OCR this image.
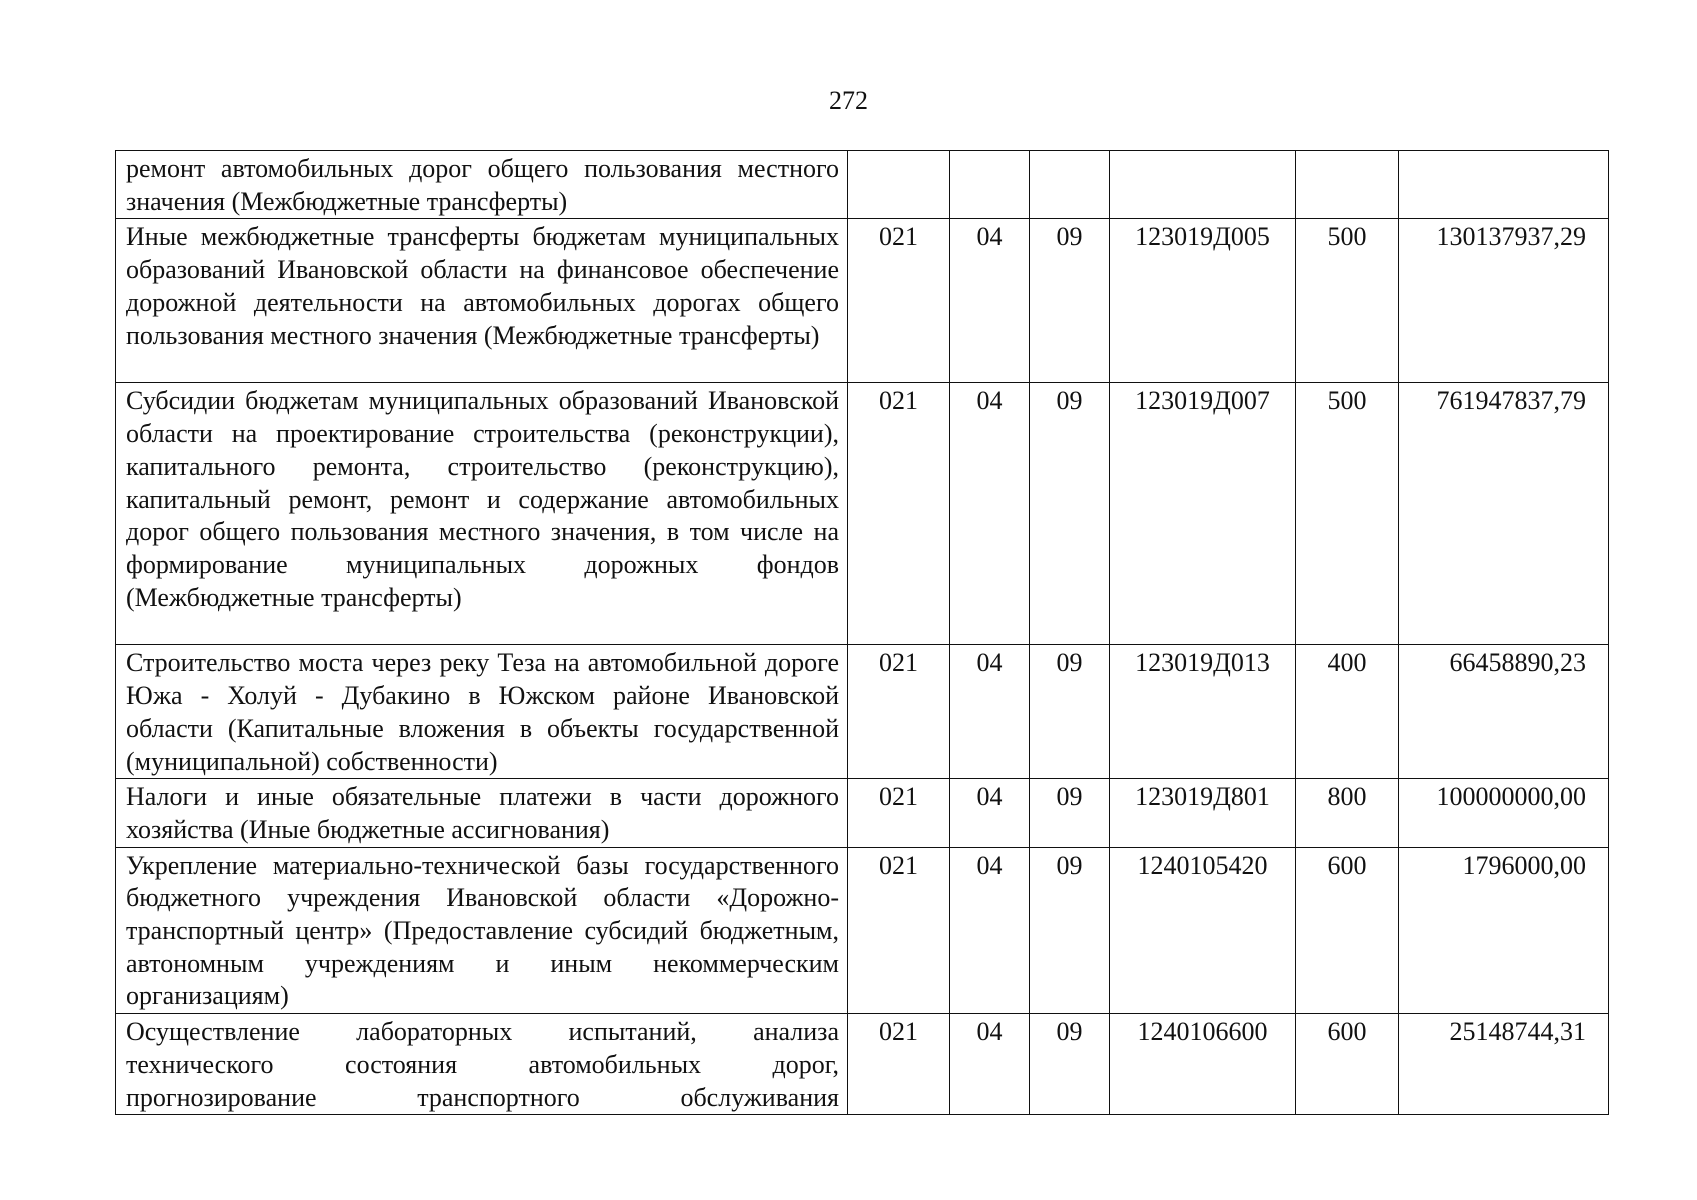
272
ремонт автомобильных дорог общего пользования местного значения (Межбюджетные трансферты)						
Иные межбюджетные трансферты бюджетам муниципальных образований Ивановской области на финансовое обеспечение дорожной деятельности на автомобильных дорогах общего пользования местного значения (Межбюджетные трансферты)	021	04	09	123019Д005	500	130137937,29
Субсидии бюджетам муниципальных образований Ивановской области на проектирование строительства (реконструкции), капитального ремонта, строительство (реконструкцию), капитальный ремонт, ремонт и содержание автомобильных дорог общего пользования местного значения, в том числе на формирование муниципальных дорожных фондов (Межбюджетные трансферты)	021	04	09	123019Д007	500	761947837,79
Строительство моста через реку Теза на автомобильной дороге Южа - Холуй - Дубакино в Южском районе Ивановской области (Капитальные вложения в объекты государственной (муниципальной) собственности)	021	04	09	123019Д013	400	66458890,23
Налоги и иные обязательные платежи в части дорожного хозяйства (Иные бюджетные ассигнования)	021	04	09	123019Д801	800	100000000,00
Укрепление материально-технической базы государственного бюджетного учреждения Ивановской области «Дорожно-транспортный центр» (Предоставление субсидий бюджетным, автономным учреждениям и иным некоммерческим организациям)	021	04	09	1240105420	600	1796000,00
Осуществление лабораторных испытаний, анализа технического состояния автомобильных дорог, прогнозирование транспортного обслуживания	021	04	09	1240106600	600	25148744,31
